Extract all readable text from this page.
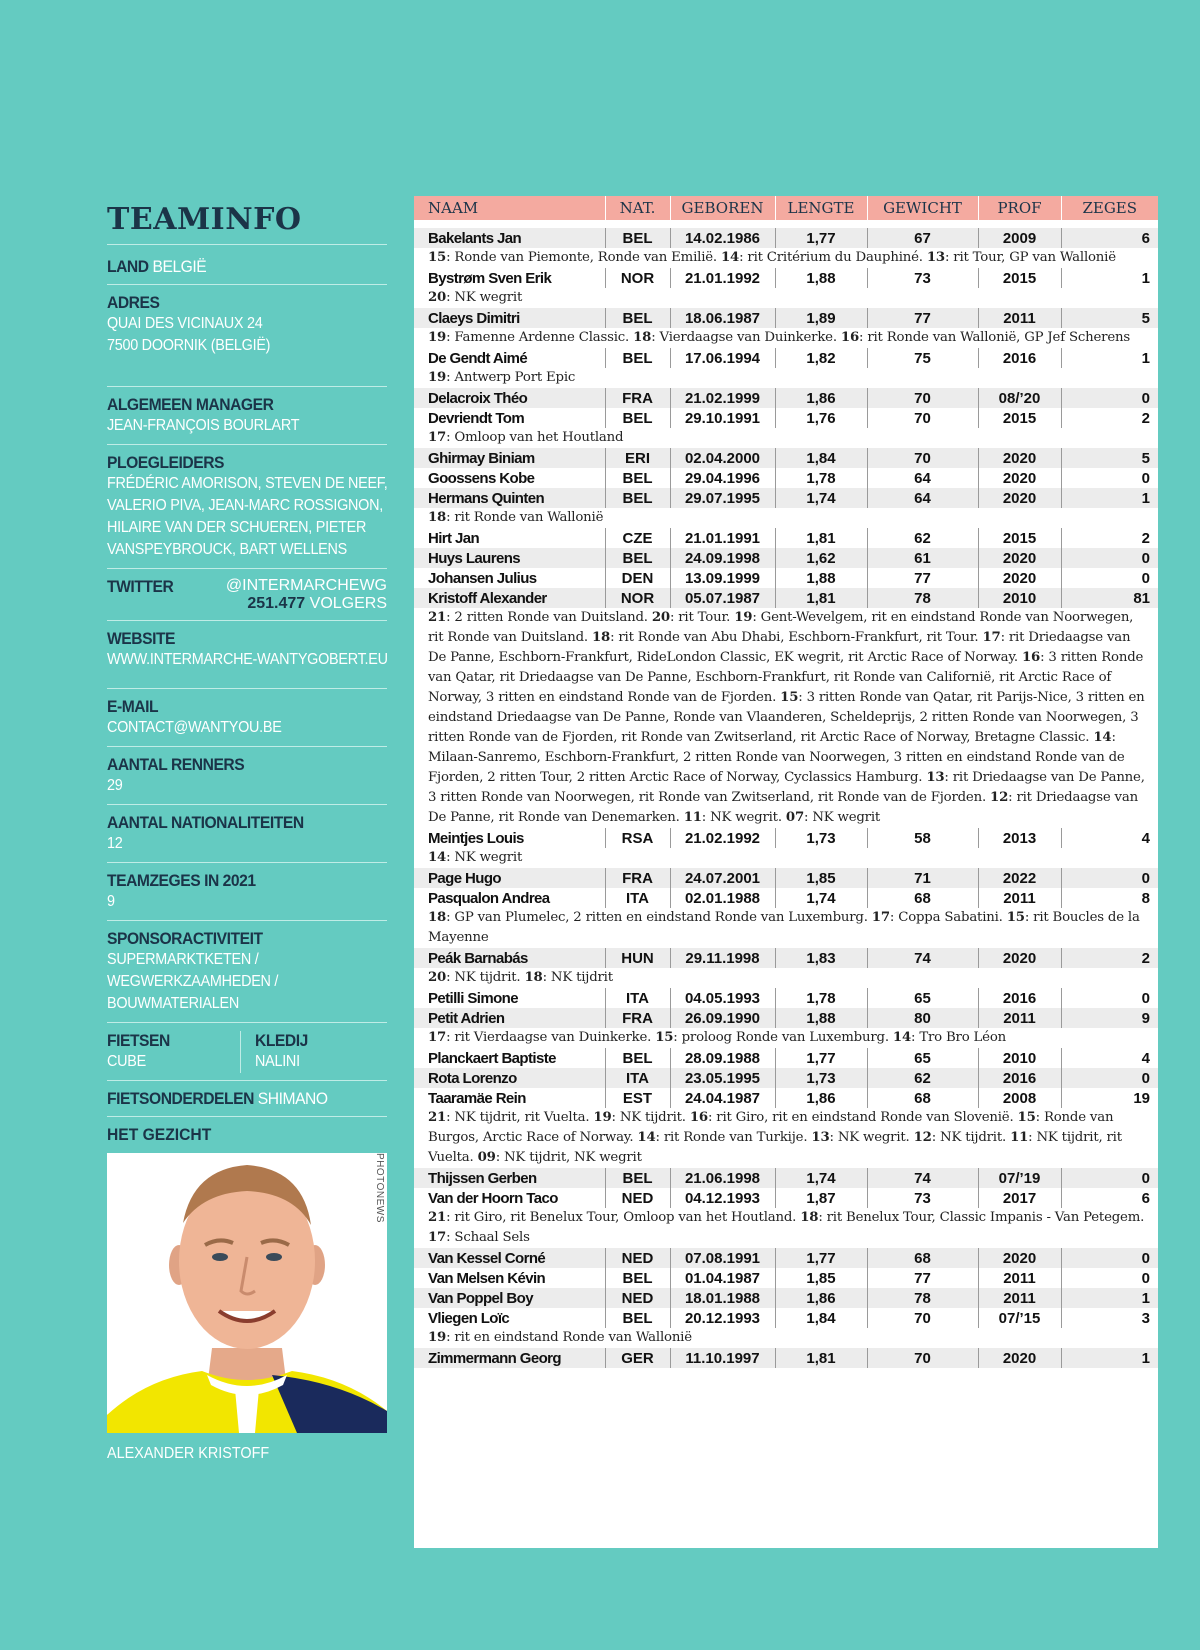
TEAMINFO
LAND BELGIË
ADRES
QUAI DES VICINAUX 24
7500 DOORNIK (BELGIË)
ALGEMEEN MANAGER
JEAN-FRANÇOIS BOURLART
PLOEGLEIDERS
FRÉDÉRIC AMORISON, STEVEN DE NEEF,
VALERIO PIVA, JEAN-MARC ROSSIGNON,
HILAIRE VAN DER SCHUEREN, PIETER
VANSPEYBROUCK, BART WELLENS
TWITTER	@INTERMARCHEWG
251.477 VOLGERS
WEBSITE
WWW.INTERMARCHE-WANTYGOBERT.EU
E-MAIL
CONTACT@WANTYOU.BE
AANTAL RENNERS
29
AANTAL NATIONALITEITEN
12
TEAMZEGES IN 2021
9
SPONSORACTIVITEIT
SUPERMARKTKETEN /
WEGWERKZAAMHEDEN /
BOUWMATERIALEN
FIETSEN
CUBE
KLEDIJ
NALINI
FIETSONDERDELEN SHIMANO
HET GEZICHT
PHOTONEWS
ALEXANDER KRISTOFF
NAAM	NAT.	GEBOREN	LENGTE	GEWICHT	PROF	ZEGES

Bakelants Jan	BEL	14.02.1986	1,77	67	2009	6
15: Ronde van Piemonte, Ronde van Emilië. 14: rit Critérium du Dauphiné. 13: rit Tour, GP van Wallonië						
Bystrøm Sven Erik	NOR	21.01.1992	1,88	73	2015	1
20: NK wegrit						
Claeys Dimitri	BEL	18.06.1987	1,89	77	2011	5
19: Famenne Ardenne Classic. 18: Vierdaagse van Duinkerke. 16: rit Ronde van Wallonië, GP Jef Scherens						
De Gendt Aimé	BEL	17.06.1994	1,82	75	2016	1
19: Antwerp Port Epic						
Delacroix Théo	FRA	21.02.1999	1,86	70	08/’20	0
Devriendt Tom	BEL	29.10.1991	1,76	70	2015	2
17: Omloop van het Houtland						
Ghirmay Biniam	ERI	02.04.2000	1,84	70	2020	5
Goossens Kobe	BEL	29.04.1996	1,78	64	2020	0
Hermans Quinten	BEL	29.07.1995	1,74	64	2020	1
18: rit Ronde van Wallonië						
Hirt Jan	CZE	21.01.1991	1,81	62	2015	2
Huys Laurens	BEL	24.09.1998	1,62	61	2020	0
Johansen Julius	DEN	13.09.1999	1,88	77	2020	0
Kristoff Alexander	NOR	05.07.1987	1,81	78	2010	81
21: 2 ritten Ronde van Duitsland. 20: rit Tour. 19: Gent-Wevelgem, rit en eindstand Ronde van Noorwegen, rit Ronde van Duitsland. 18: rit Ronde van Abu Dhabi, Eschborn-Frankfurt, rit Tour. 17: rit Driedaagse van De Panne, Eschborn-Frankfurt, RideLondon Classic, EK wegrit, rit Arctic Race of Norway. 16: 3 ritten Ronde van Qatar, rit Driedaagse van De Panne, Eschborn-Frankfurt, rit Ronde van Californië, rit Arctic Race of Norway, 3 ritten en eindstand Ronde van de Fjorden. 15: 3 ritten Ronde van Qatar, rit Parijs-Nice, 3 ritten en eindstand Driedaagse van De Panne, Ronde van Vlaanderen, Scheldeprijs, 2 ritten Ronde van Noorwegen, 3 ritten Ronde van de Fjorden, rit Ronde van Zwitserland, rit Arctic Race of Norway, Bretagne Classic. 14: Milaan-Sanremo, Eschborn-Frankfurt, 2 ritten Ronde van Noorwegen, 3 ritten en eindstand Ronde van de Fjorden, 2 ritten Tour, 2 ritten Arctic Race of Norway, Cyclassics Hamburg. 13: rit Driedaagse van De Panne, 3 ritten Ronde van Noorwegen, rit Ronde van Zwitserland, rit Ronde van de Fjorden. 12: rit Driedaagse van De Panne, rit Ronde van Denemarken. 11: NK wegrit. 07: NK wegrit						
Meintjes Louis	RSA	21.02.1992	1,73	58	2013	4
14: NK wegrit						
Page Hugo	FRA	24.07.2001	1,85	71	2022	0
Pasqualon Andrea	ITA	02.01.1988	1,74	68	2011	8
18: GP van Plumelec, 2 ritten en eindstand Ronde van Luxemburg. 17: Coppa Sabatini. 15: rit Boucles de la Mayenne						
Peák Barnabás	HUN	29.11.1998	1,83	74	2020	2
20: NK tijdrit. 18: NK tijdrit						
Petilli Simone	ITA	04.05.1993	1,78	65	2016	0
Petit Adrien	FRA	26.09.1990	1,88	80	2011	9
17: rit Vierdaagse van Duinkerke. 15: proloog Ronde van Luxemburg. 14: Tro Bro Léon						
Planckaert Baptiste	BEL	28.09.1988	1,77	65	2010	4
Rota Lorenzo	ITA	23.05.1995	1,73	62	2016	0
Taaramäe Rein	EST	24.04.1987	1,86	68	2008	19
21: NK tijdrit, rit Vuelta. 19: NK tijdrit. 16: rit Giro, rit en eindstand Ronde van Slovenië. 15: Ronde van Burgos, Arctic Race of Norway. 14: rit Ronde van Turkije. 13: NK wegrit. 12: NK tijdrit. 11: NK tijdrit, rit Vuelta. 09: NK tijdrit, NK wegrit						
Thijssen Gerben	BEL	21.06.1998	1,74	74	07/’19	0
Van der Hoorn Taco	NED	04.12.1993	1,87	73	2017	6
21: rit Giro, rit Benelux Tour, Omloop van het Houtland. 18: rit Benelux Tour, Classic Impanis - Van Petegem. 17: Schaal Sels						
Van Kessel Corné	NED	07.08.1991	1,77	68	2020	0
Van Melsen Kévin	BEL	01.04.1987	1,85	77	2011	0
Van Poppel Boy	NED	18.01.1988	1,86	78	2011	1
Vliegen Loïc	BEL	20.12.1993	1,84	70	07/’15	3
19: rit en eindstand Ronde van Wallonië						
Zimmermann Georg	GER	11.10.1997	1,81	70	2020	1
